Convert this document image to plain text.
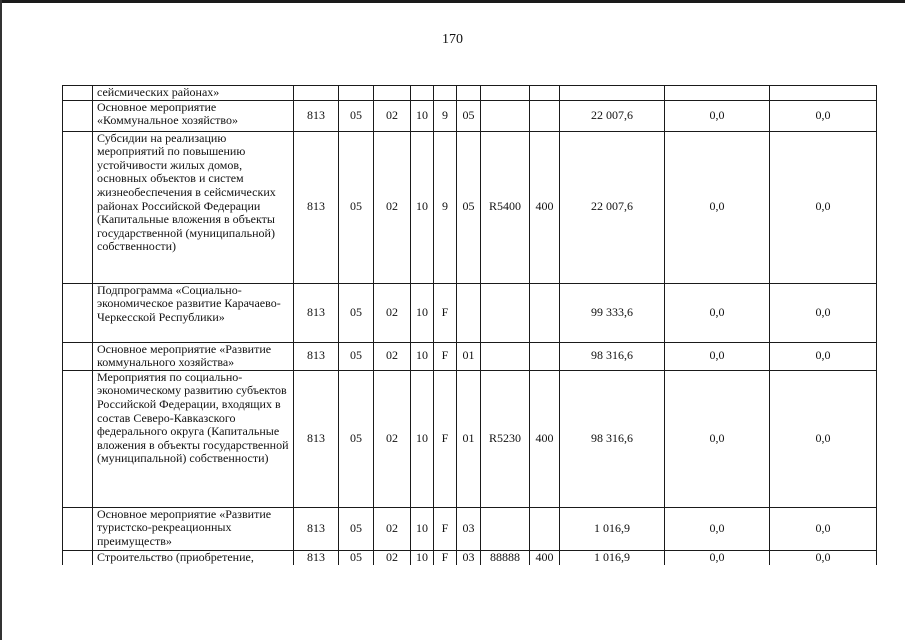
170
	сейсмических районах»											
	Основное мероприятие «Коммунальное хозяйство»	813	05	02	10	9	05			22 007,6	0,0	0,0
	Субсидии на реализацию мероприятий по повышению устойчивости жилых домов, основных объектов и систем жизнеобеспечения в сейсмических районах Российской Федерации (Капитальные вложения в объекты государственной (муниципальной) собственности)	813	05	02	10	9	05	R5400	400	22 007,6	0,0	0,0
	Подпрограмма «Социально-экономическое развитие Карачаево-Черкесской Республики»	813	05	02	10	F				99 333,6	0,0	0,0
	Основное мероприятие «Развитие коммунального хозяйства»	813	05	02	10	F	01			98 316,6	0,0	0,0
	Мероприятия по социально-экономическому развитию субъектов Российской Федерации, входящих в состав Северо-Кавказского федерального округа (Капитальные вложения в объекты государственной (муниципальной) собственности)	813	05	02	10	F	01	R5230	400	98 316,6	0,0	0,0
	Основное мероприятие «Развитие туристско-рекреационных преимуществ»	813	05	02	10	F	03			1 016,9	0,0	0,0
	Строительство (приобретение,	813	05	02	10	F	03	88888	400	1 016,9	0,0	0,0
